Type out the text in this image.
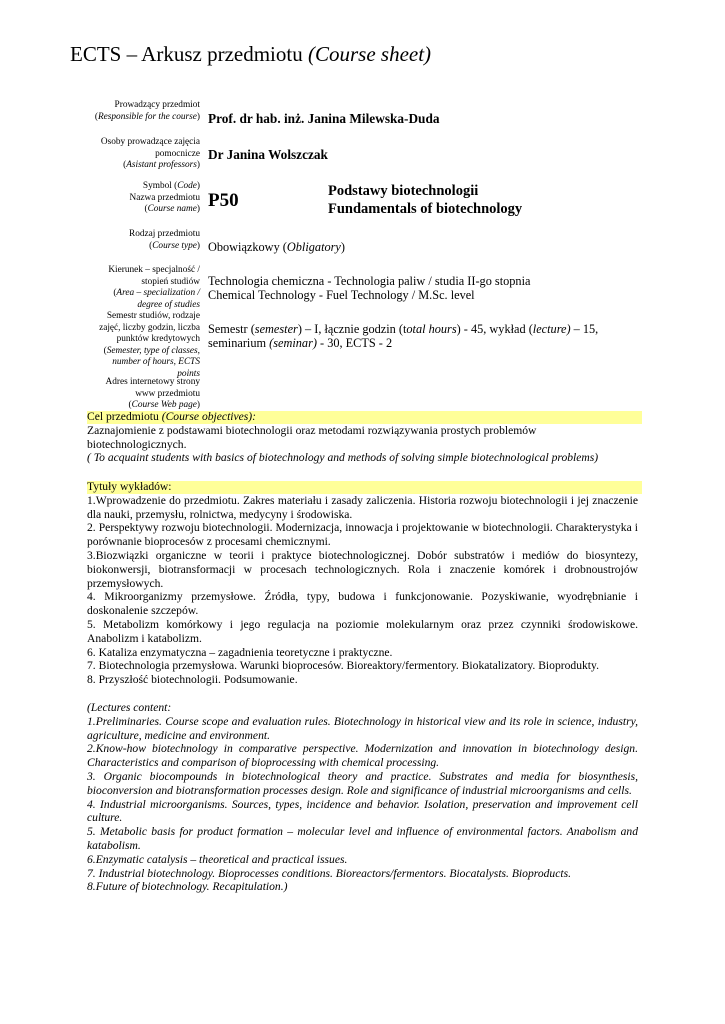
ECTS – Arkusz przedmiotu (Course sheet)
Prowadzący przedmiot
(Responsible for the course) Prof. dr hab. inż. Janina Milewska-Duda
Osoby prowadzące zajęcia
pomocnicze
(Asistant professors)
Dr Janina Wolszczak
Symbol (Code)
Nazwa przedmiotu
(Course name) P50	Podstawy biotechnologii
Fundamentals of biotechnology
Rodzaj przedmiotu
(Course type) Obowiązkowy (Obligatory)
Kierunek – specjalność /
stopień studiów
(Area – specialization /
degree of studies
Technologia chemiczna - Technologia paliw / studia II-go stopnia
Chemical Technology - Fuel Technology / M.Sc. level
Semestr studiów, rodzaje
zajęć, liczby godzin, liczba
punktów kredytowych
(Semester, type of classes,
number of hours, ECTS
points
Semestr (semester) – I, łącznie godzin (total hours) - 45, wykład (lecture) – 15,
seminarium (seminar) - 30, ECTS - 2
Adres internetowy strony
www przedmiotu
(Course Web page)

Cel przedmiotu (Course objectives):

Zaznajomienie z podstawami biotechnologii oraz metodami rozwiązywania prostych problemów biotechnologicznych.

( To acquaint students with basics of biotechnology and methods of solving simple biotechnological problems)

Tytuły wykładów:

1.Wprowadzenie do przedmiotu. Zakres materiału i zasady zaliczenia. Historia rozwoju biotechnologii i jej znaczenie dla nauki, przemysłu, rolnictwa, medycyny i środowiska.

2. Perspektywy rozwoju biotechnologii. Modernizacja, innowacja i projektowanie w biotechnologii. Charakterystyka i porównanie bioprocesów z procesami chemicznymi.

3.Biozwiązki organiczne w teorii i praktyce biotechnologicznej. Dobór substratów i mediów do biosyntezy, biokonwersji, biotransformacji w procesach technologicznych. Rola i znaczenie komórek i drobnoustrojów przemysłowych.

4. Mikroorganizmy przemysłowe. Źródła, typy, budowa i funkcjonowanie. Pozyskiwanie, wyodrębnianie i doskonalenie szczepów.

5. Metabolizm komórkowy i jego regulacja na poziomie molekularnym oraz przez czynniki środowiskowe. Anabolizm i katabolizm.

6. Kataliza enzymatyczna – zagadnienia teoretyczne i praktyczne.

7. Biotechnologia przemysłowa. Warunki bioprocesów. Bioreaktory/fermentory. Biokatalizatory. Bioprodukty.

8. Przyszłość biotechnologii. Podsumowanie.

(Lectures content:

1.Preliminaries. Course scope and evaluation rules. Biotechnology in historical view and its role in science, industry, agriculture, medicine and environment.

2.Know-how biotechnology in comparative perspective. Modernization and innovation in biotechnology design. Characteristics and comparison of bioprocessing with chemical processing.

3. Organic biocompounds in biotechnological theory and practice. Substrates and media for biosynthesis, bioconversion and biotransformation processes design. Role and significance of industrial microorganisms and cells.

4. Industrial microorganisms. Sources, types, incidence and behavior. Isolation, preservation and improvement cell culture.

5. Metabolic basis for product formation – molecular level and influence of environmental factors. Anabolism and katabolism.

6.Enzymatic catalysis – theoretical and practical issues.

7. Industrial biotechnology. Bioprocesses conditions. Bioreactors/fermentors. Biocatalysts. Bioproducts.

8.Future of biotechnology. Recapitulation.)
